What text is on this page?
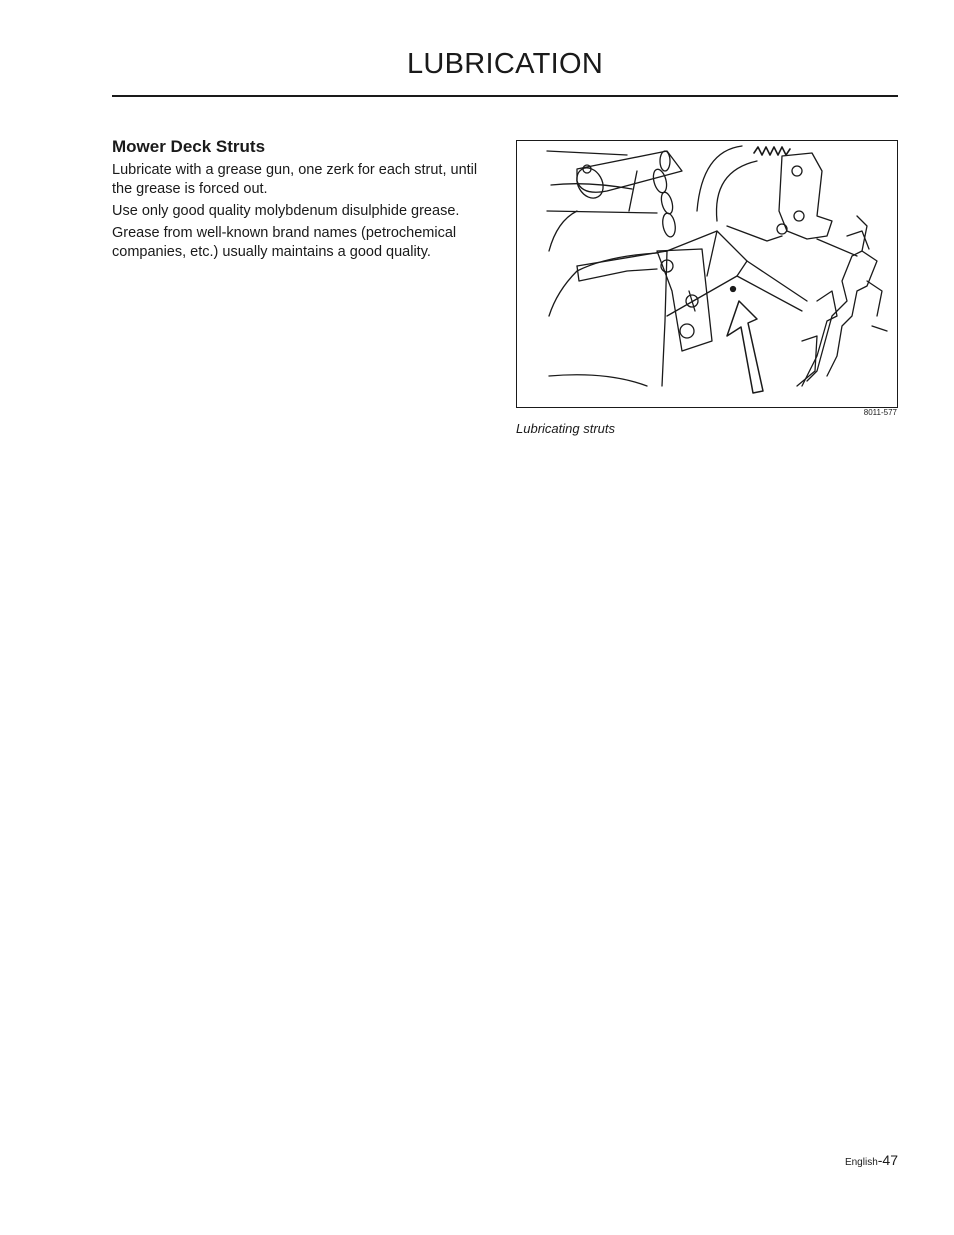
LUBRICATION
Mower Deck Struts

Lubricate with a grease gun, one zerk for each strut, until the grease is forced out.

Use only good quality molybdenum disulphide grease.

Grease from well-known brand names (petrochemical companies, etc.) usually maintains a good quality.

8011-577
Lubricating struts
English-47
